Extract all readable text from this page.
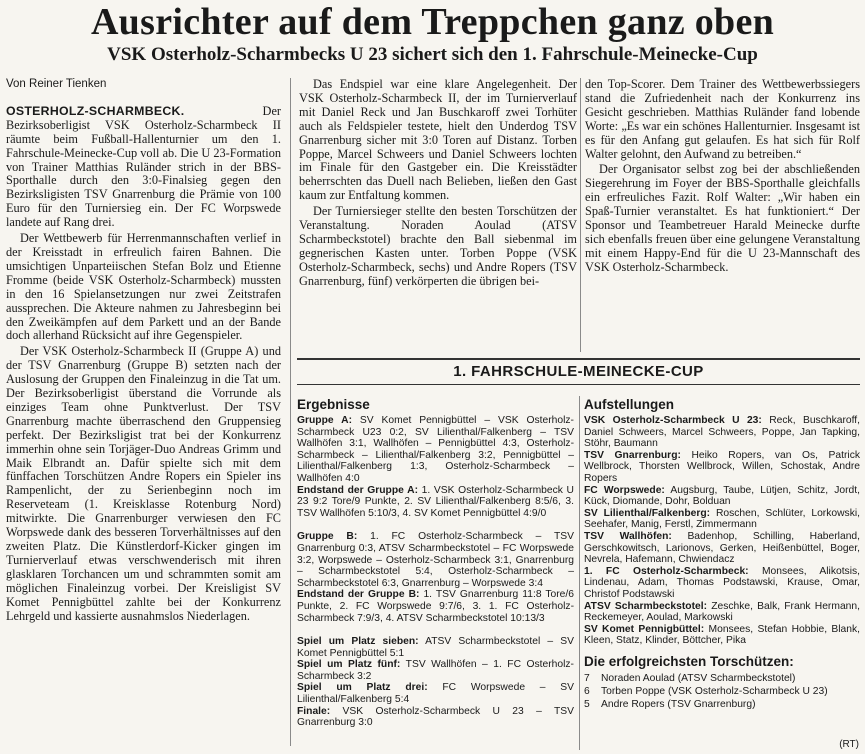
Ausrichter auf dem Treppchen ganz oben
VSK Osterholz-Scharmbecks U 23 sichert sich den 1. Fahrschule-Meinecke-Cup
Von Reiner Tienken

OSTERHOLZ-SCHARMBECK. Der Bezirksoberligist VSK Osterholz-Scharmbeck II räumte beim Fußball-Hallenturnier um den 1. Fahrschule-Meinecke-Cup voll ab. Die U 23-Formation von Trainer Matthias Ruländer strich in der BBS-Sporthalle durch den 3:0-Finalsieg gegen den Bezirksligisten TSV Gnarrenburg die Prämie von 100 Euro für den Turniersieg ein. Der FC Worpswede landete auf Rang drei.

Der Wettbewerb für Herrenmannschaften verlief in der Kreisstadt in erfreulich fairen Bahnen. Die umsichtigen Unparteiischen Stefan Bolz und Etienne Fromme (beide VSK Osterholz-Scharmbeck) mussten in den 16 Spielansetzungen nur zwei Zeitstrafen aussprechen. Die Akteure nahmen zu Jahresbeginn bei den Zweikämpfen auf dem Parkett und an der Bande doch allerhand Rücksicht auf ihre Gegenspieler.

Der VSK Osterholz-Scharmbeck II (Gruppe A) und der TSV Gnarrenburg (Gruppe B) setzten nach der Auslosung der Gruppen den Finaleinzug in die Tat um. Der Bezirksoberligist überstand die Vorrunde als einziges Team ohne Punktverlust. Der TSV Gnarrenburg machte überraschend den Gruppensieg perfekt. Der Bezirksligist trat bei der Konkurrenz immerhin ohne sein Torjäger-Duo Andreas Grimm und Maik Elbrandt an. Dafür spielte sich mit dem fünffachen Torschützen Andre Ropers ein Spieler ins Rampenlicht, der zu Serienbeginn noch im Reserveteam (1. Kreisklasse Rotenburg Nord) mitwirkte. Die Gnarrenburger verwiesen den FC Worpswede dank des besseren Torverhältnisses auf den zweiten Platz. Die Künstlerdorf-Kicker gingen im Turnierverlauf etwas verschwenderisch mit ihren glasklaren Torchancen um und schrammten somit am möglichen Finaleinzug vorbei. Der Kreisligist SV Komet Pennigbüttel zahlte bei der Konkurrenz Lehrgeld und kassierte ausnahmslos Niederlagen.

Das Endspiel war eine klare Angelegenheit. Der VSK Osterholz-Scharmbeck II, der im Turnierverlauf mit Daniel Reck und Jan Buschkaroff zwei Torhüter auch als Feldspieler testete, hielt den Underdog TSV Gnarrenburg sicher mit 3:0 Toren auf Distanz. Torben Poppe, Marcel Schweers und Daniel Schweers lochten im Finale für den Gastgeber ein. Die Kreisstädter beherrschten das Duell nach Belieben, ließen den Gast kaum zur Entfaltung kommen.

Der Turniersieger stellte den besten Torschützen der Veranstaltung. Noraden Aoulad (ATSV Scharmbeckstotel) brachte den Ball siebenmal im gegnerischen Kasten unter. Torben Poppe (VSK Osterholz-Scharmbeck, sechs) und Andre Ropers (TSV Gnarrenburg, fünf) verkörperten die übrigen bei-

den Top-Scorer. Dem Trainer des Wettbewerbssiegers stand die Zufriedenheit nach der Konkurrenz ins Gesicht geschrieben. Matthias Ruländer fand lobende Worte: „Es war ein schönes Hallenturnier. Insgesamt ist es für den Anfang gut gelaufen. Es hat sich für Rolf Walter gelohnt, den Aufwand zu betreiben.“

Der Organisator selbst zog bei der abschließenden Siegerehrung im Foyer der BBS-Sporthalle gleichfalls ein erfreuliches Fazit. Rolf Walter: „Wir haben ein Spaß-Turnier veranstaltet. Es hat funktioniert.“ Der Sponsor und Teambetreuer Harald Meinecke durfte sich ebenfalls freuen über eine gelungene Veranstaltung mit einem Happy-End für die U 23-Mannschaft des VSK Osterholz-Scharmbeck.

1. FAHRSCHULE-MEINECKE-CUP
Ergebnisse

Gruppe A: SV Komet Pennigbüttel – VSK Osterholz-Scharmbeck U23 0:2, SV Lilienthal/Falkenberg – TSV Wallhöfen 3:1, Wallhöfen – Pennigbüttel 4:3, Osterholz-Scharmbeck – Lilienthal/Falkenberg 3:2, Pennigbüttel – Lilienthal/Falkenberg 1:3, Osterholz-Scharmbeck – Wallhöfen 4:0

Endstand der Gruppe A: 1. VSK Osterholz-Scharmbeck U 23 9:2 Tore/9 Punkte, 2. SV Lilienthal/Falkenberg 8:5/6, 3. TSV Wallhöfen 5:10/3, 4. SV Komet Pennigbüttel 4:9/0

Gruppe B: 1. FC Osterholz-Scharmbeck – TSV Gnarrenburg 0:3, ATSV Scharmbeckstotel – FC Worpswede 3:2, Worpswede – Osterholz-Scharmbeck 3:1, Gnarrenburg – Scharmbeckstotel 5:4, Osterholz-Scharmbeck – Scharmbeckstotel 6:3, Gnarrenburg – Worpswede 3:4

Endstand der Gruppe B: 1. TSV Gnarrenburg 11:8 Tore/6 Punkte, 2. FC Worpswede 9:7/6, 3. 1. FC Osterholz-Scharmbeck 7:9/3, 4. ATSV Scharmbeckstotel 10:13/3

Spiel um Platz sieben: ATSV Scharmbeckstotel – SV Komet Pennigbüttel 5:1

Spiel um Platz fünf: TSV Wallhöfen – 1. FC Osterholz-Scharmbeck 3:2

Spiel um Platz drei: FC Worpswede – SV Lilienthal/Falkenberg 5:4

Finale: VSK Osterholz-Scharmbeck U 23 – TSV Gnarrenburg 3:0

Aufstellungen

VSK Osterholz-Scharmbeck U 23: Reck, Buschkaroff, Daniel Schweers, Marcel Schweers, Poppe, Jan Tapking, Stöhr, Baumann

TSV Gnarrenburg: Heiko Ropers, van Os, Patrick Wellbrock, Thorsten Wellbrock, Willen, Schostak, Andre Ropers

FC Worpswede: Augsburg, Taube, Lütjen, Schitz, Jordt, Kück, Diomande, Dohr, Bolduan

SV Lilienthal/Falkenberg: Roschen, Schlüter, Lorkowski, Seehafer, Manig, Ferstl, Zimmermann

TSV Wallhöfen: Badenhop, Schilling, Haberland, Gerschkowitsch, Larionovs, Gerken, Heißenbüttel, Boger, Nevrela, Hafemann, Chwiendacz

1. FC Osterholz-Scharmbeck: Monsees, Alikotsis, Lindenau, Adam, Thomas Podstawski, Krause, Omar, Christof Podstawski

ATSV Scharmbeckstotel: Zeschke, Balk, Frank Hermann, Reckemeyer, Aoulad, Markowski

SV Komet Pennigbüttel: Monsees, Stefan Hobbie, Blank, Kleen, Statz, Klinder, Böttcher, Pika

Die erfolgreichsten Torschützen:
7	Noraden Aoulad (ATSV Scharmbeckstotel)
6	Torben Poppe (VSK Osterholz-Scharmbeck U 23)
5	Andre Ropers (TSV Gnarrenburg)
(RT)
